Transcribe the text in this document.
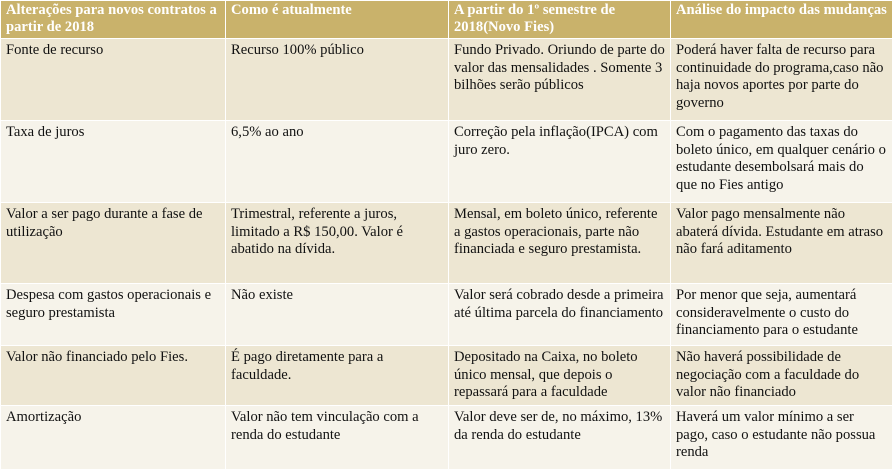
Alterações para novos contratos a partir de 2018	Como é atualmente	A partir do 1º semestre de 2018(Novo Fies)	Análise do impacto das mudanças
Fonte de recurso	Recurso 100% público	Fundo Privado. Oriundo de parte do valor das mensalidades . Somente 3 bilhões serão públicos	Poderá haver falta de recurso para continuidade do programa,caso não haja novos aportes por parte do governo
Taxa de juros	6,5% ao ano	Correção pela inflação(IPCA) com juro zero.	Com o pagamento das taxas do boleto único, em qualquer cenário o estudante desembolsará mais do que no Fies antigo
Valor a ser pago durante a fase de utilização	Trimestral, referente a juros, limitado a R$ 150,00. Valor é abatido na dívida.	Mensal, em boleto único, referente a gastos operacionais, parte não financiada e seguro prestamista.	Valor pago mensalmente não abaterá dívida. Estudante em atraso não fará aditamento
Despesa com gastos operacionais e seguro prestamista	Não existe	Valor será cobrado desde a primeira até última parcela do financiamento	Por menor que seja, aumentará consideravelmente o custo do financiamento para o estudante
Valor não financiado pelo Fies.	É pago diretamente para a faculdade.	Depositado na Caixa, no boleto único mensal, que depois o repassará para a faculdade	Não haverá possibilidade de negociação com a faculdade do valor não financiado
Amortização	Valor não tem vinculação com a renda do estudante	Valor deve ser de, no máximo, 13% da renda do estudante	Haverá um valor mínimo a ser pago, caso o estudante não possua renda
